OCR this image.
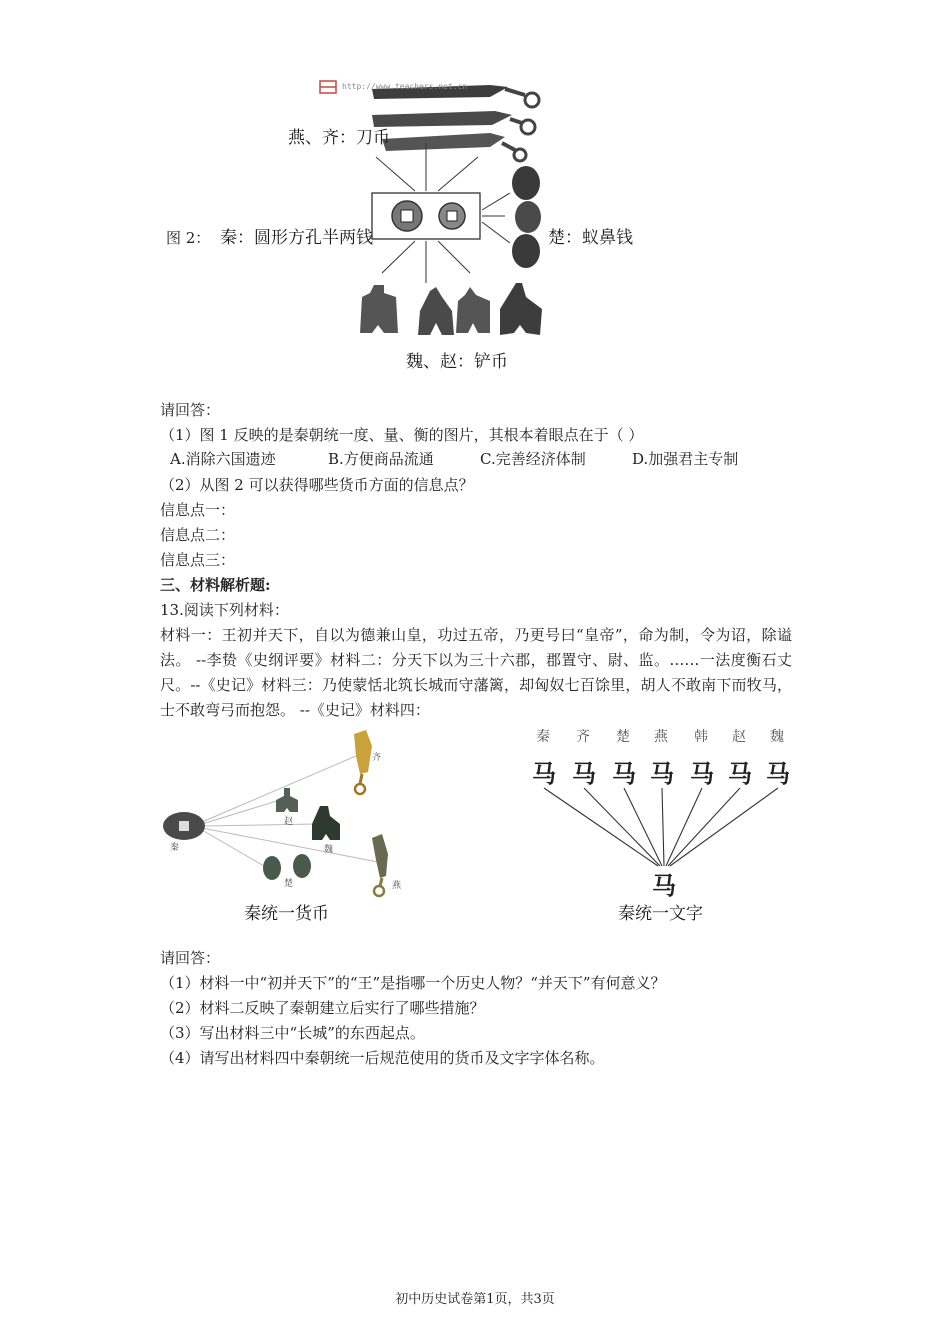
http://www.teachers.net.cn
燕、齐：刀币
图 2： 秦：圆形方孔半两钱	楚：蚁鼻钱
魏、赵：铲币
请回答：
（1）图 1 反映的是秦朝统一度、量、衡的图片，其根本着眼点在于（ ）
A.消除六国遗迹	B.方便商品流通	C.完善经济体制	D.加强君主专制
（2）从图 2 可以获得哪些货币方面的信息点？
信息点一：
信息点二：
信息点三：
三、材料解析题:
13.阅读下列材料：
材料一：王初并天下，自以为德兼山皇，功过五帝，乃更号曰“皇帝”，命为制，令为诏，除谥法。 --李贽《史纲评要》材料二：分天下以为三十六郡，郡置守、尉、监。……一法度衡石丈尺。--《史记》材料三：乃使蒙恬北筑长城而守藩篱，却匈奴七百馀里，胡人不敢南下而牧马，士不敢弯弓而抱怨。 --《史记》材料四：
秦
齐
赵
魏
燕
楚
秦统一货币
秦 齐 楚 燕 韩 赵 魏
马 马 马 马 马 马 马
马
秦统一文字
请回答：
（1）材料一中“初并天下”的“王”是指哪一个历史人物？“并天下”有何意义？
（2）材料二反映了秦朝建立后实行了哪些措施？
（3）写出材料三中“长城”的东西起点。
（4）请写出材料四中秦朝统一后规范使用的货币及文字字体名称。
初中历史试卷第1页，共3页
